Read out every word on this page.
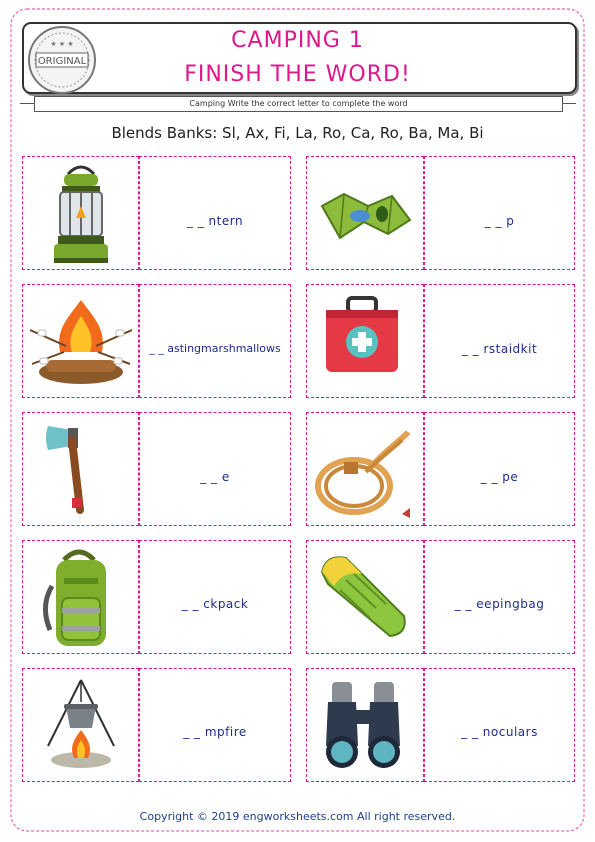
ORIGINAL
★ ★ ★	CAMPING 1
FINISH THE WORD!
Camping Write the correct letter to complete the word
Blends Banks: Sl, Ax, Fi, La, Ro, Ca, Ro, Ba, Ma, Bi
_ _ ntern	_ _ p
_ _ astingmarshmallows	_ _ rstaidkit
_ _ e	_ _ pe
_ _ ckpack	_ _ eepingbag
_ _ mpfire	_ _ noculars
Copyright © 2019 engworksheets.com All right reserved.
